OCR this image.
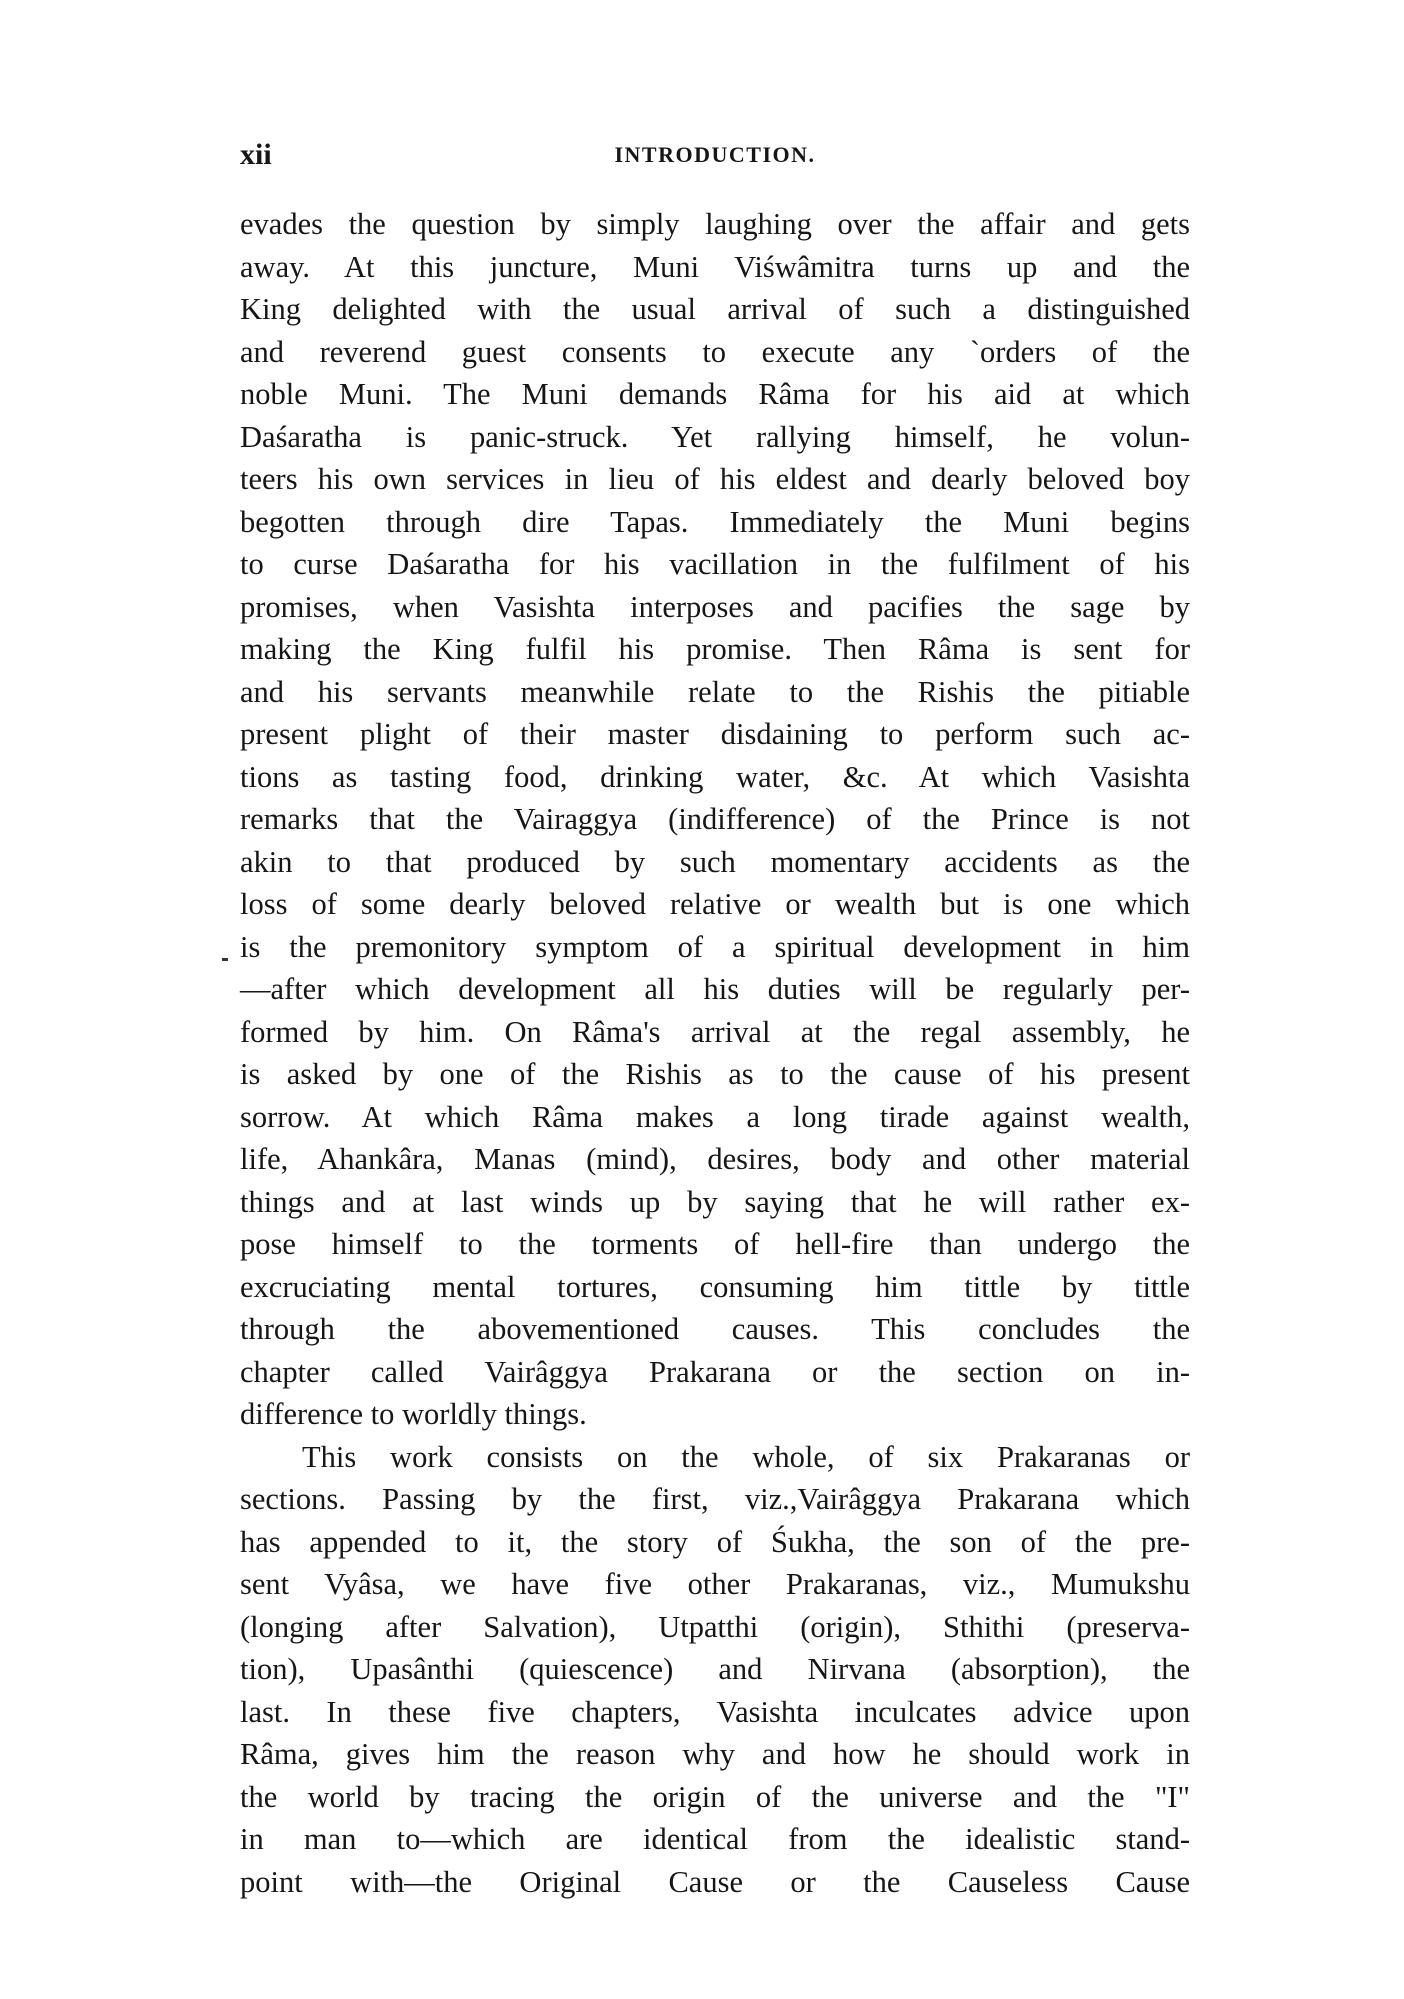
xii	INTRODUCTION.
evades the question by simply laughing over the affair and gets
away. At this juncture, Muni Viśwâmitra turns up and the
King delighted with the usual arrival of such a distinguished
and reverend guest consents to execute any `orders of the
noble Muni. The Muni demands Râma for his aid at which
Daśaratha is panic-struck. Yet rallying himself, he volun-
teers his own services in lieu of his eldest and dearly beloved boy
begotten through dire Tapas. Immediately the Muni begins
to curse Daśaratha for his vacillation in the fulfilment of his
promises, when Vasishta interposes and pacifies the sage by
making the King fulfil his promise. Then Râma is sent for
and his servants meanwhile relate to the Rishis the pitiable
present plight of their master disdaining to perform such ac-
tions as tasting food, drinking water, &c. At which Vasishta
remarks that the Vairaggya (indifference) of the Prince is not
akin to that produced by such momentary accidents as the
loss of some dearly beloved relative or wealth but is one which
is the premonitory symptom of a spiritual development in him
—after which development all his duties will be regularly per-
formed by him. On Râma's arrival at the regal assembly, he
is asked by one of the Rishis as to the cause of his present
sorrow. At which Râma makes a long tirade against wealth,
life, Ahankâra, Manas (mind), desires, body and other material
things and at last winds up by saying that he will rather ex-
pose himself to the torments of hell-fire than undergo the
excruciating mental tortures, consuming him tittle by tittle
through the abovementioned causes. This concludes the
chapter called Vairâggya Prakarana or the section on in-
difference to worldly things.
This work consists on the whole, of six Prakaranas or
sections. Passing by the first, viz.,Vairâggya Prakarana which
has appended to it, the story of Śukha, the son of the pre-
sent Vyâsa, we have five other Prakaranas, viz., Mumukshu
(longing after Salvation), Utpatthi (origin), Sthithi (preserva-
tion), Upasânthi (quiescence) and Nirvana (absorption), the
last. In these five chapters, Vasishta inculcates advice upon
Râma, gives him the reason why and how he should work in
the world by tracing the origin of the universe and the "I"
in man to—which are identical from the idealistic stand-
point with—the Original Cause or the Causeless Cause
